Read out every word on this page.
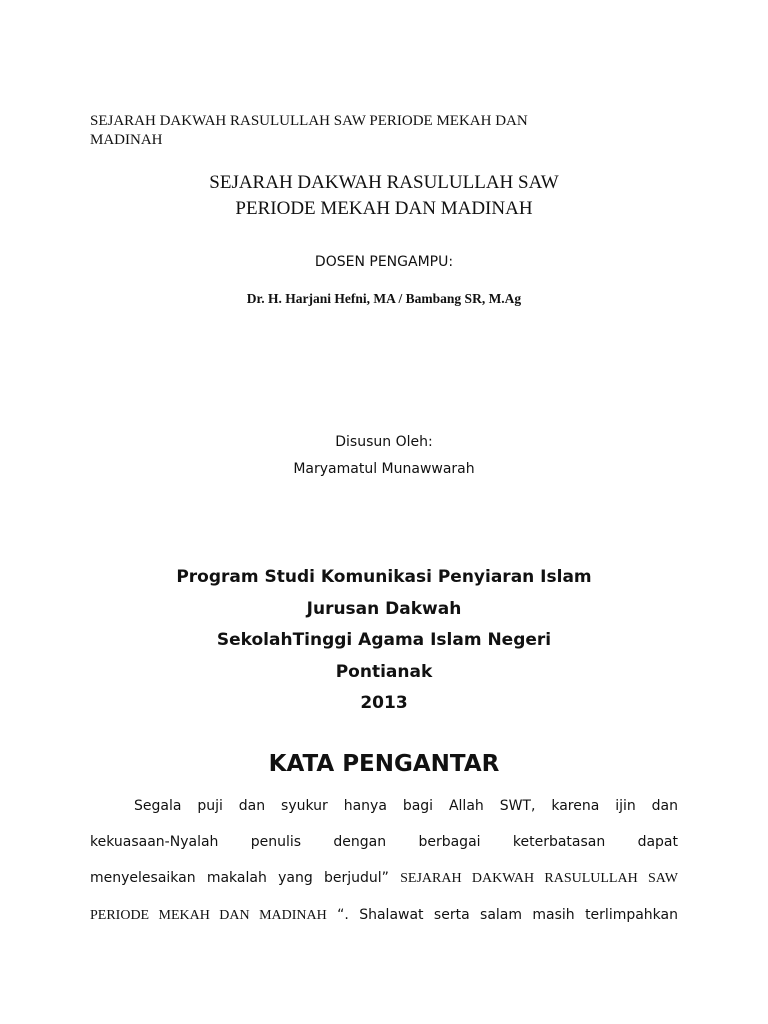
SEJARAH DAKWAH RASULULLAH SAW PERIODE MEKAH DAN
MADINAH
SEJARAH DAKWAH RASULULLAH SAW
PERIODE MEKAH DAN MADINAH
DOSEN PENGAMPU:
Dr. H. Harjani Hefni, MA / Bambang SR, M.Ag
Disusun Oleh:
Maryamatul Munawwarah
Program Studi Komunikasi Penyiaran Islam
Jurusan Dakwah
SekolahTinggi Agama Islam Negeri
Pontianak
2013
KATA PENGANTAR
Segala puji dan syukur hanya bagi Allah SWT, karena ijin dan
kekuasaan-Nyalah penulis dengan berbagai keterbatasan dapat
menyelesaikan makalah yang berjudul” SEJARAH DAKWAH RASULULLAH SAW
PERIODE MEKAH DAN MADINAH “. Shalawat serta salam masih terlimpahkan
